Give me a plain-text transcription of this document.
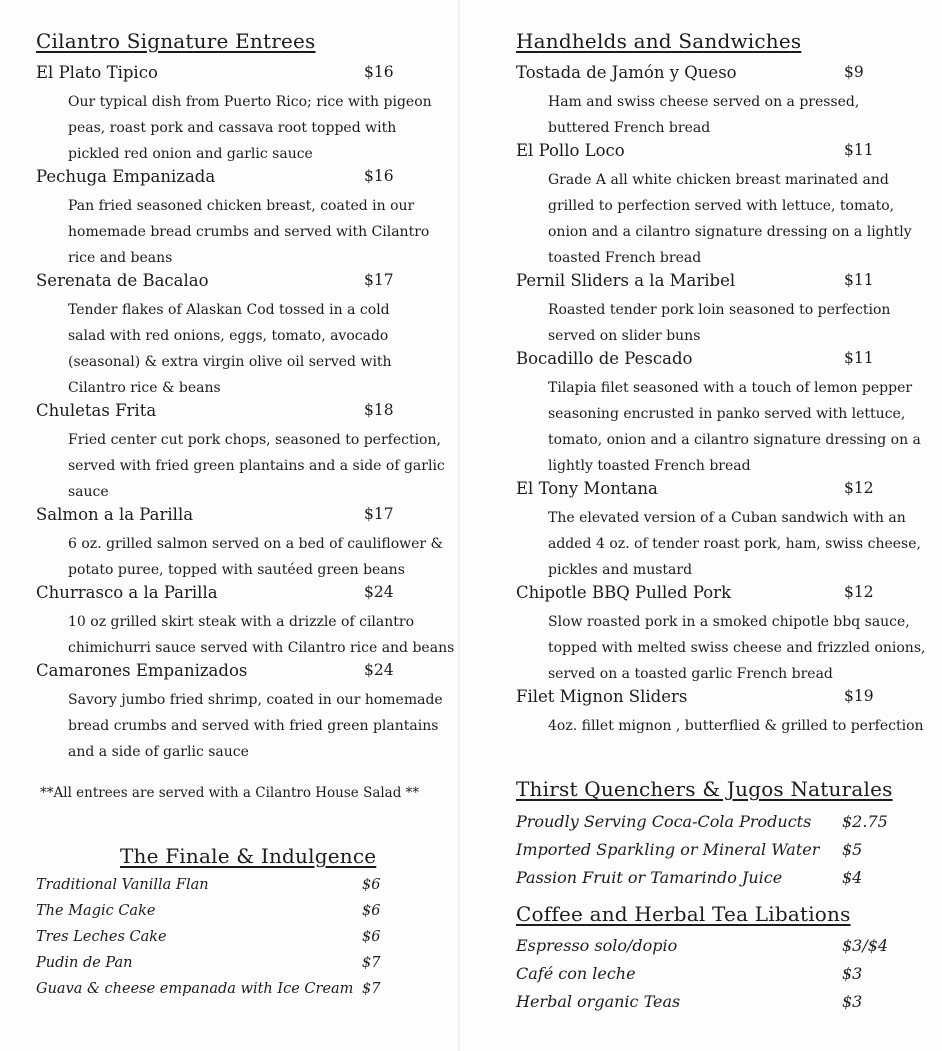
Cilantro Signature Entrees
El Plato Tipico	$16
Our typical dish from Puerto Rico; rice with pigeon
peas, roast pork and cassava root topped with
pickled red onion and garlic sauce
Pechuga Empanizada	$16
Pan fried seasoned chicken breast, coated in our
homemade bread crumbs and served with Cilantro
rice and beans
Serenata de Bacalao	$17
Tender flakes of Alaskan Cod tossed in a cold
salad with red onions, eggs, tomato, avocado
(seasonal) & extra virgin olive oil served with
Cilantro rice & beans
Chuletas Frita	$18
Fried center cut pork chops, seasoned to perfection,
served with fried green plantains and a side of garlic
sauce
Salmon a la Parilla	$17
6 oz. grilled salmon served on a bed of cauliflower &
potato puree, topped with sautéed green beans
Churrasco a la Parilla	$24
10 oz grilled skirt steak with a drizzle of cilantro
chimichurri sauce served with Cilantro rice and beans
Camarones Empanizados	$24
Savory jumbo fried shrimp, coated in our homemade
bread crumbs and served with fried green plantains
and a side of garlic sauce
**All entrees are served with a Cilantro House Salad **
The Finale & Indulgence
Traditional Vanilla Flan	$6
The Magic Cake	$6
Tres Leches Cake	$6
Pudin de Pan	$7
Guava & cheese empanada with Ice Cream $7
Handhelds and Sandwiches
Tostada de Jamón y Queso	$9
Ham and swiss cheese served on a pressed,
buttered French bread
El Pollo Loco	$11
Grade A all white chicken breast marinated and
grilled to perfection served with lettuce, tomato,
onion and a cilantro signature dressing on a lightly
toasted French bread
Pernil Sliders a la Maribel	$11
Roasted tender pork loin seasoned to perfection
served on slider buns
Bocadillo de Pescado	$11
Tilapia filet seasoned with a touch of lemon pepper
seasoning encrusted in panko served with lettuce,
tomato, onion and a cilantro signature dressing on a
lightly toasted French bread
El Tony Montana	$12
The elevated version of a Cuban sandwich with an
added 4 oz. of tender roast pork, ham, swiss cheese,
pickles and mustard
Chipotle BBQ Pulled Pork	$12
Slow roasted pork in a smoked chipotle bbq sauce,
topped with melted swiss cheese and frizzled onions,
served on a toasted garlic French bread
Filet Mignon Sliders	$19
4oz. fillet mignon , butterflied & grilled to perfection
Thirst Quenchers & Jugos Naturales
Proudly Serving Coca-Cola Products $2.75
Imported Sparkling or Mineral Water $5
Passion Fruit or Tamarindo Juice	$4
Coffee and Herbal Tea Libations
Espresso solo/dopio	$3/$4
Café con leche	$3
Herbal organic Teas	$3
